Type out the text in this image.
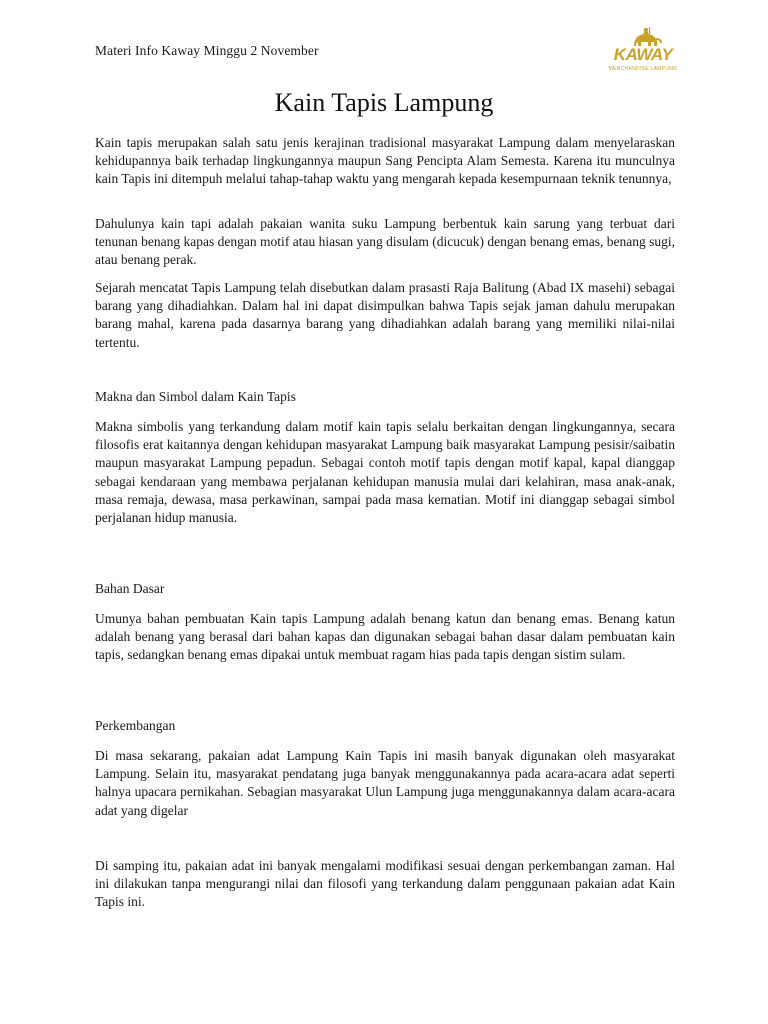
Materi Info Kaway Minggu 2 November	KAWAY
MERCHANDISE LAMPUNG
Kain Tapis Lampung

Kain tapis merupakan salah satu jenis kerajinan tradisional masyarakat Lampung dalam menyelaraskan kehidupannya baik terhadap lingkungannya maupun Sang Pencipta Alam Semesta. Karena itu munculnya kain Tapis ini ditempuh melalui tahap-tahap waktu yang mengarah kepada kesempurnaan teknik tenunnya,

Dahulunya kain tapi adalah pakaian wanita suku Lampung berbentuk kain sarung yang terbuat dari tenunan benang kapas dengan motif atau hiasan yang disulam (dicucuk) dengan benang emas, benang sugi, atau benang perak.

Sejarah mencatat Tapis Lampung telah disebutkan dalam prasasti Raja Balitung (Abad IX masehi) sebagai barang yang dihadiahkan. Dalam hal ini dapat disimpulkan bahwa Tapis sejak jaman dahulu merupakan barang mahal, karena pada dasarnya barang yang dihadiahkan adalah barang yang memiliki nilai-nilai tertentu.

Makna dan Simbol dalam Kain Tapis

Makna simbolis yang terkandung dalam motif kain tapis selalu berkaitan dengan lingkungannya, secara filosofis erat kaitannya dengan kehidupan masyarakat Lampung baik masyarakat Lampung pesisir/saibatin maupun masyarakat Lampung pepadun. Sebagai contoh motif tapis dengan motif kapal, kapal dianggap sebagai kendaraan yang membawa perjalanan kehidupan manusia mulai dari kelahiran, masa anak-anak, masa remaja, dewasa, masa perkawinan, sampai pada masa kematian. Motif ini dianggap sebagai simbol perjalanan hidup manusia.

Bahan Dasar

Umunya bahan pembuatan Kain tapis Lampung adalah benang katun dan benang emas. Benang katun adalah benang yang berasal dari bahan kapas dan digunakan sebagai bahan dasar dalam pembuatan kain tapis, sedangkan benang emas dipakai untuk membuat ragam hias pada tapis dengan sistim sulam.

Perkembangan

Di masa sekarang, pakaian adat Lampung Kain Tapis ini masih banyak digunakan oleh masyarakat Lampung. Selain itu, masyarakat pendatang juga banyak menggunakannya pada acara-acara adat seperti halnya upacara pernikahan. Sebagian masyarakat Ulun Lampung juga menggunakannya dalam acara-acara adat yang digelar

Di samping itu, pakaian adat ini banyak mengalami modifikasi sesuai dengan perkembangan zaman. Hal ini dilakukan tanpa mengurangi nilai dan filosofi yang terkandung dalam penggunaan pakaian adat Kain Tapis ini.
